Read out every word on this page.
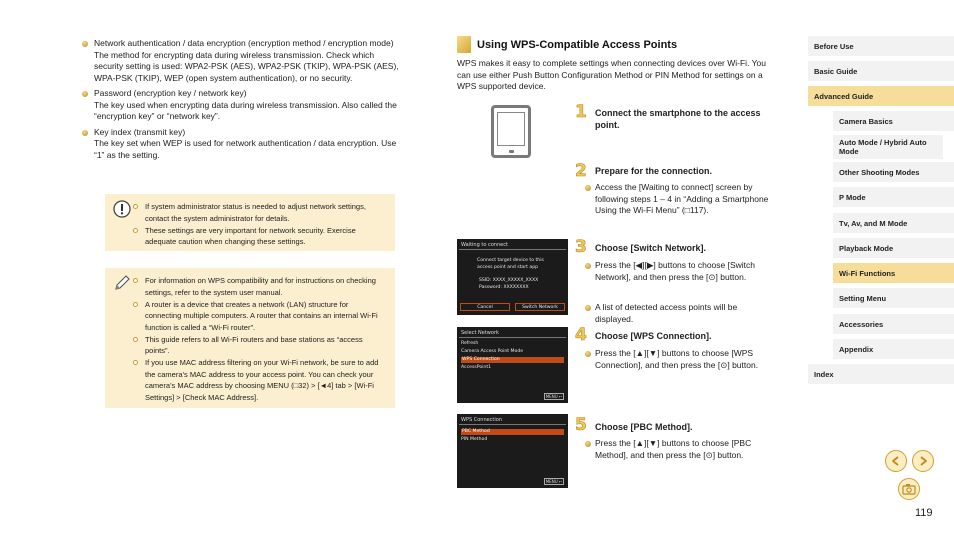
Network authentication / data encryption (encryption method / encryption mode)
The method for encrypting data during wireless transmission. Check which security setting is used: WPA2-PSK (AES), WPA2-PSK (TKIP), WPA-PSK (AES), WPA-PSK (TKIP), WEP (open system authentication), or no security.
Password (encryption key / network key)
The key used when encrypting data during wireless transmission. Also called the “encryption key” or “network key”.
Key index (transmit key)
The key set when WEP is used for network authentication / data encryption. Use “1” as the setting.
If system administrator status is needed to adjust network settings, contact the system administrator for details.
These settings are very important for network security. Exercise adequate caution when changing these settings.
For information on WPS compatibility and for instructions on checking settings, refer to the system user manual.
A router is a device that creates a network (LAN) structure for connecting multiple computers. A router that contains an internal Wi-Fi function is called a “Wi-Fi router”.
This guide refers to all Wi-Fi routers and base stations as “access points”.
If you use MAC address filtering on your Wi-Fi network, be sure to add the camera’s MAC address to your access point. You can check your camera’s MAC address by choosing MENU (□32) > [◄4] tab > [Wi-Fi Settings] > [Check MAC Address].
Using WPS-Compatible Access Points
WPS makes it easy to complete settings when connecting devices over Wi-Fi. You can use either Push Button Configuration Method or PIN Method for settings on a WPS supported device.
1 Connect the smartphone to the access point.
2 Prepare for the connection.
Access the [Waiting to connect] screen by following steps 1 – 4 in “Adding a Smartphone Using the Wi-Fi Menu” (□117).
3 Choose [Switch Network].
Press the [◀][▶] buttons to choose [Switch Network], and then press the [⊙] button.
A list of detected access points will be displayed.
4 Choose [WPS Connection].
Press the [▲][▼] buttons to choose [WPS Connection], and then press the [⊙] button.
5 Choose [PBC Method].
Press the [▲][▼] buttons to choose [PBC Method], and then press the [⊙] button.
Waiting to connect
Connect target device to this
access point and start app
SSID: XXXX_XXXXX_XXXX
Password: XXXXXXXX
Cancel	Switch Network
Select Network
Refresh
Camera Access Point Mode
WPS Connection
AccessPoint1
MENU ↩
WPS Connection
PBC Method
PIN Method
MENU ↩
Before Use
Basic Guide
Advanced Guide
Camera Basics
Auto Mode / Hybrid Auto Mode
Other Shooting Modes
P Mode
Tv, Av, and M Mode
Playback Mode
Wi-Fi Functions
Setting Menu
Accessories
Appendix
Index
119
